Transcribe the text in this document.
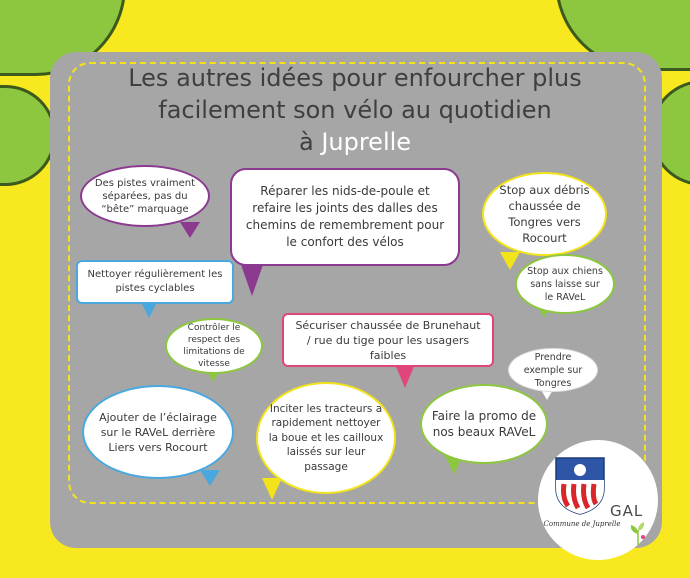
Les autres idées pour enfourcher plus
facilement son vélo au quotidien
à Juprelle
Des pistes vraiment séparées, pas du “bête” marquage
Réparer les nids-de-poule et refaire les joints des dalles des chemins de remembrement pour le confort des vélos
Stop aux débris chaussée de Tongres vers Rocourt
Nettoyer régulièrement les pistes cyclables
Stop aux chiens sans laisse sur le RAVeL
Contrôler le respect des limitations de vitesse
Sécuriser chaussée de Brunehaut / rue du tige pour les usagers faibles	Prendre exemple sur Tongres
Ajouter de l’éclairage sur le RAVeL derrière Liers vers Rocourt
Inciter les tracteurs a rapidement nettoyer la boue et les cailloux laissés sur leur passage
Faire la promo de nos beaux RAVeL
Commune de Juprelle
GAL
